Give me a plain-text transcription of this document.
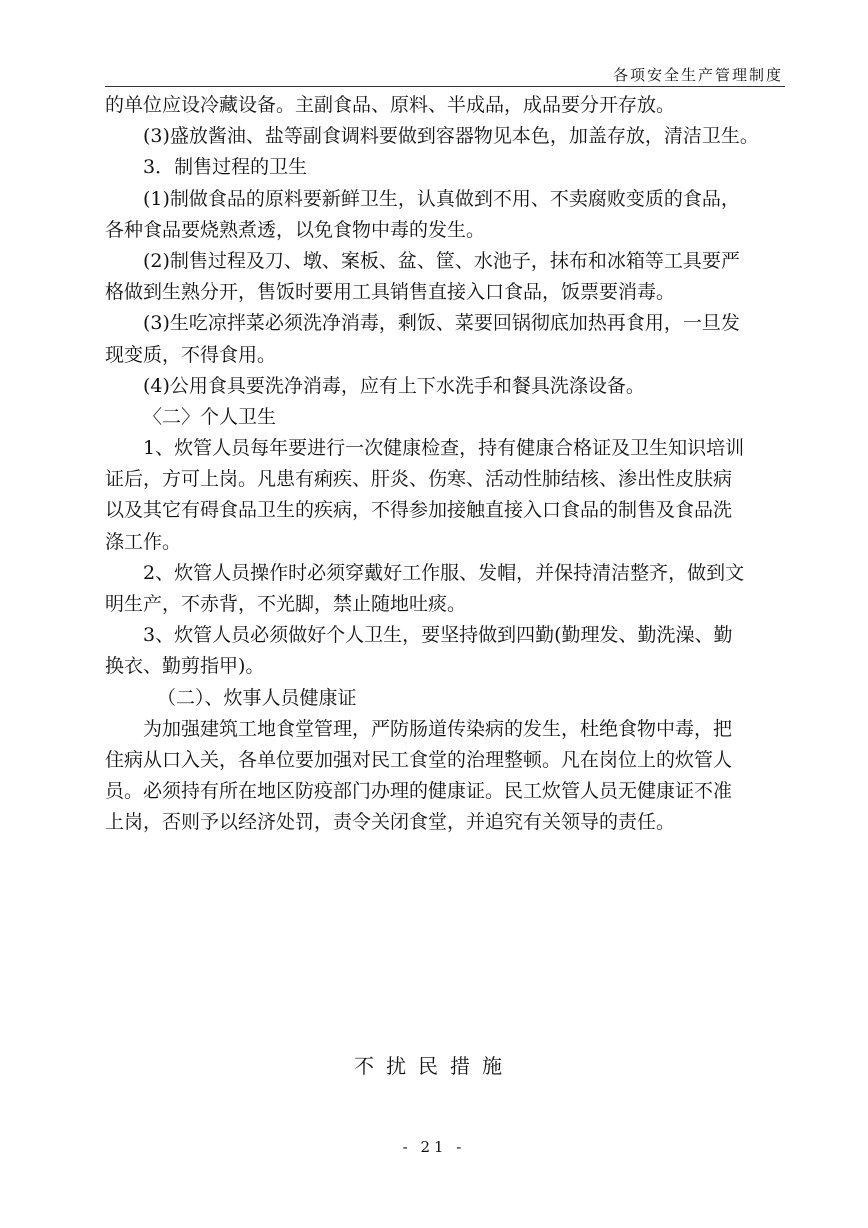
各项安全生产管理制度
的单位应设冷藏设备。主副食品、原料、半成品，成品要分开存放。
(3)盛放酱油、盐等副食调料要做到容器物见本色，加盖存放，清洁卫生。
3．制售过程的卫生
(1)制做食品的原料要新鲜卫生，认真做到不用、不卖腐败变质的食品，
各种食品要烧熟煮透，以免食物中毒的发生。
(2)制售过程及刀、墩、案板、盆、筐、水池子，抹布和冰箱等工具要严
格做到生熟分开，售饭时要用工具销售直接入口食品，饭票要消毒。
(3)生吃凉拌菜必须洗净消毒，剩饭、菜要回锅彻底加热再食用，一旦发
现变质，不得食用。
(4)公用食具要洗净消毒，应有上下水洗手和餐具洗涤设备。
〈二〉个人卫生
1、炊管人员每年要进行一次健康检查，持有健康合格证及卫生知识培训
证后，方可上岗。凡患有痢疾、肝炎、伤寒、活动性肺结核、渗出性皮肤病
以及其它有碍食品卫生的疾病，不得参加接触直接入口食品的制售及食品洗
涤工作。
2、炊管人员操作时必须穿戴好工作服、发帽，并保持清洁整齐，做到文
明生产，不赤背，不光脚，禁止随地吐痰。
3、炊管人员必须做好个人卫生，要坚持做到四勤(勤理发、勤洗澡、勤
换衣、勤剪指甲)。
（二）、炊事人员健康证
为加强建筑工地食堂管理，严防肠道传染病的发生，杜绝食物中毒，把
住病从口入关，各单位要加强对民工食堂的治理整顿。凡在岗位上的炊管人
员。必须持有所在地区防疫部门办理的健康证。民工炊管人员无健康证不准
上岗，否则予以经济处罚，责令关闭食堂，并追究有关领导的责任。
不扰民措施
- 21 -
